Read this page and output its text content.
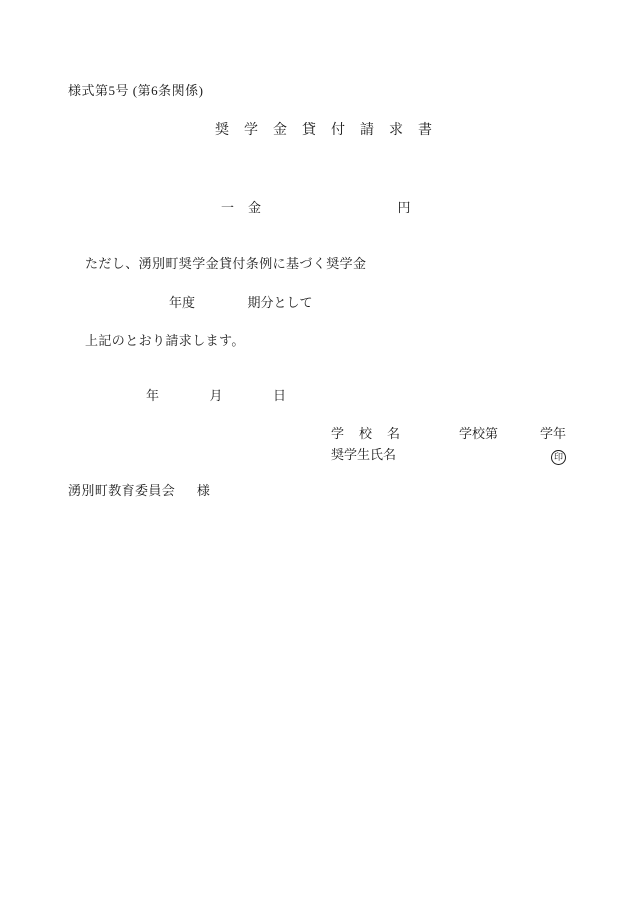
様式第5号 (第6条関係)
奨　学　金　貸　付　請　求　書
一　金	円
ただし、湧別町奨学金貸付条例に基づく奨学金
年度	期分として
上記のとおり請求します。
年	月	日
学　校　名	学校第	学年
奨学生氏名	印
湧別町教育委員会 様
